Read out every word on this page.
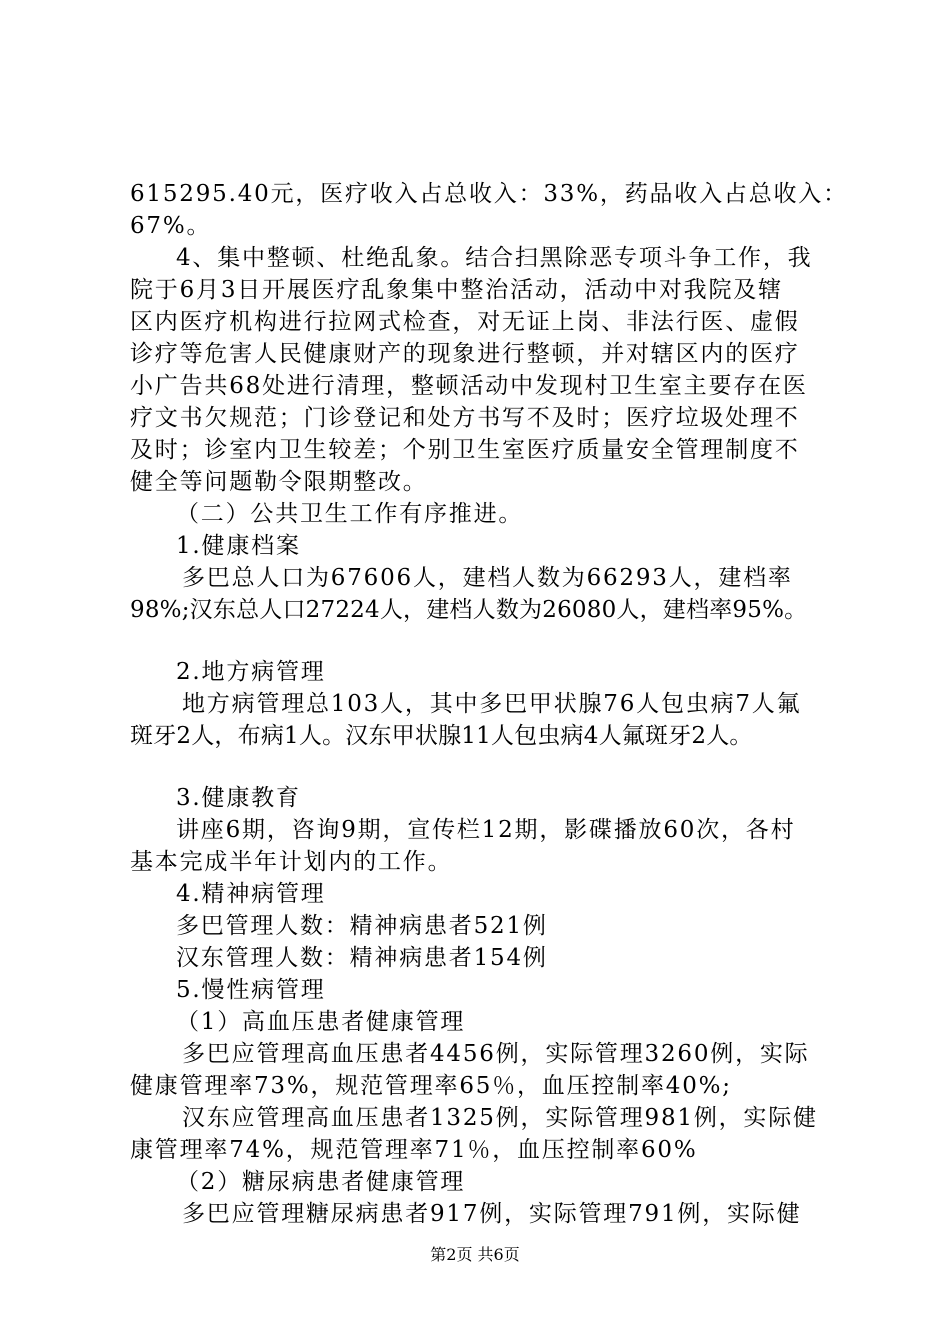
615295.40元，医疗收入占总收入：33%，药品收入占总收入：
67%。
4、集中整顿、杜绝乱象。结合扫黑除恶专项斗争工作，我
院于6月3日开展医疗乱象集中整治活动，活动中对我院及辖
区内医疗机构进行拉网式检查，对无证上岗、非法行医、虚假
诊疗等危害人民健康财产的现象进行整顿，并对辖区内的医疗
小广告共68处进行清理，整顿活动中发现村卫生室主要存在医
疗文书欠规范；门诊登记和处方书写不及时；医疗垃圾处理不
及时；诊室内卫生较差；个别卫生室医疗质量安全管理制度不
健全等问题勒令限期整改。
（二）公共卫生工作有序推进。
1.健康档案
多巴总人口为67606人，建档人数为66293人，建档率
98%;汉东总人口27224人，建档人数为26080人，建档率95%。
2.地方病管理
地方病管理总103人，其中多巴甲状腺76人包虫病7人氟
斑牙2人，布病1人。汉东甲状腺11人包虫病4人氟斑牙2人。
3.健康教育
讲座6期，咨询9期，宣传栏12期，影碟播放60次，各村
基本完成半年计划内的工作。
4.精神病管理
多巴管理人数：精神病患者521例
汉东管理人数：精神病患者154例
5.慢性病管理
（1）高血压患者健康管理
多巴应管理高血压患者4456例，实际管理3260例，实际
健康管理率73%，规范管理率65％，血压控制率40%;
汉东应管理高血压患者1325例，实际管理981例，实际健
康管理率74%，规范管理率71％，血压控制率60%
（2）糖尿病患者健康管理
多巴应管理糖尿病患者917例，实际管理791例，实际健
第2页 共6页
